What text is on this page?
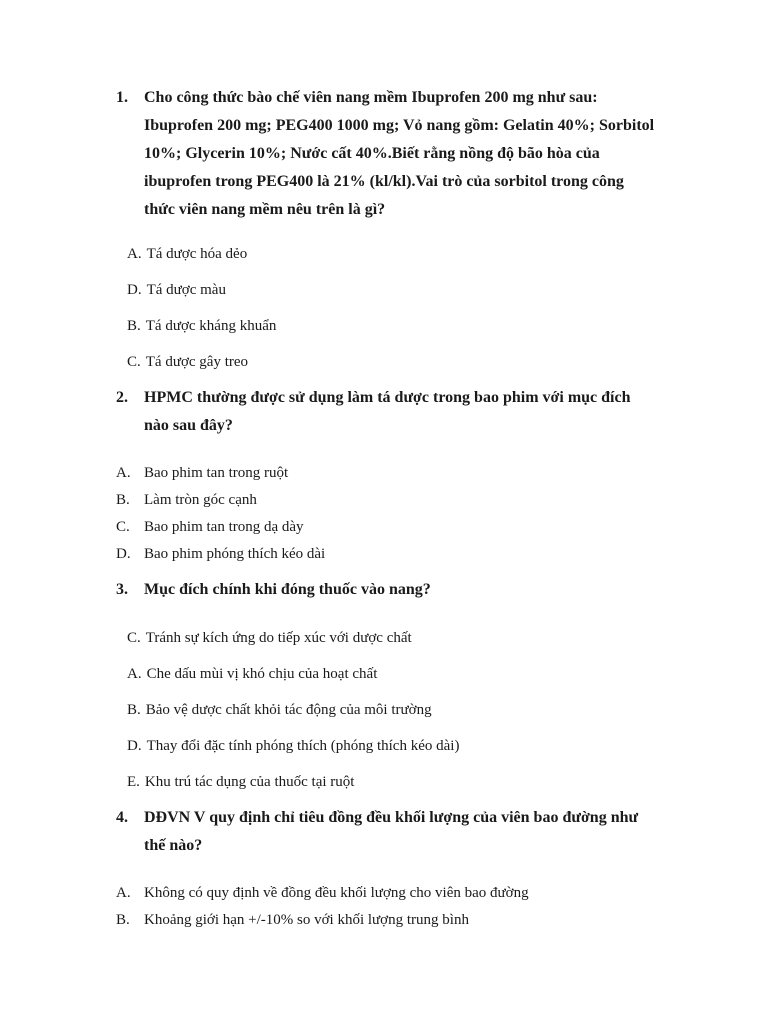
1. Cho công thức bào chế viên nang mềm Ibuprofen 200 mg như sau: Ibuprofen 200 mg; PEG400 1000 mg; Vỏ nang gồm: Gelatin 40%; Sorbitol 10%; Glycerin 10%; Nước cất 40%.Biết rằng nồng độ bão hòa của ibuprofen trong PEG400 là 21% (kl/kl).Vai trò của sorbitol trong công thức viên nang mềm nêu trên là gì?
A. Tá dược hóa dẻo
D. Tá dược màu
B. Tá dược kháng khuẩn
C. Tá dược gây treo
2. HPMC thường được sử dụng làm tá dược trong bao phim với mục đích nào sau đây?
A. Bao phim tan trong ruột
B. Làm tròn góc cạnh
C. Bao phim tan trong dạ dày
D. Bao phim phóng thích kéo dài
3. Mục đích chính khi đóng thuốc vào nang?
C. Tránh sự kích ứng do tiếp xúc với dược chất
A. Che dấu mùi vị khó chịu của hoạt chất
B. Bảo vệ dược chất khỏi tác động của môi trường
D. Thay đổi đặc tính phóng thích (phóng thích kéo dài)
E. Khu trú tác dụng của thuốc tại ruột
4. DĐVN V quy định chỉ tiêu đồng đều khối lượng của viên bao đường như thế nào?
A. Không có quy định về đồng đều khối lượng cho viên bao đường
B. Khoảng giới hạn +/-10% so với khối lượng trung bình
